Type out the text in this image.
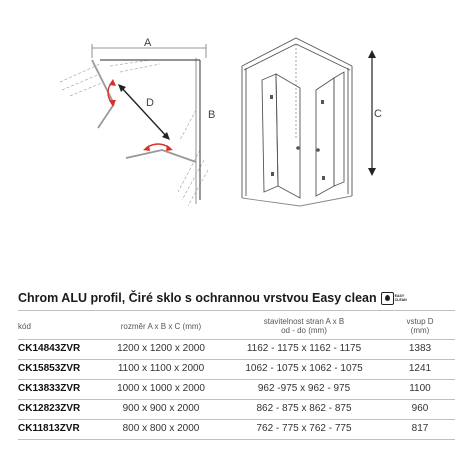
A
B
D
C
Chrom ALU profil, Čiré sklo s ochrannou vrstvou Easy clean	EASY
CLEAN
kód	rozměr A x B x C (mm)
stavitelnost stran A x B
od - do (mm)
vstup D
(mm)
CK14843ZVR	1200 x 1200 x 2000	1162 - 1175 x 1162 - 1175	1383
CK15853ZVR	1100 x 1100 x 2000	1062 - 1075 x 1062 - 1075	1241
CK13833ZVR	1000 x 1000 x 2000	962 -975 x 962 - 975	1100
CK12823ZVR	900 x 900 x 2000	862 - 875 x 862 - 875	960
CK11813ZVR	800 x 800 x 2000	762 - 775 x 762 - 775	817
